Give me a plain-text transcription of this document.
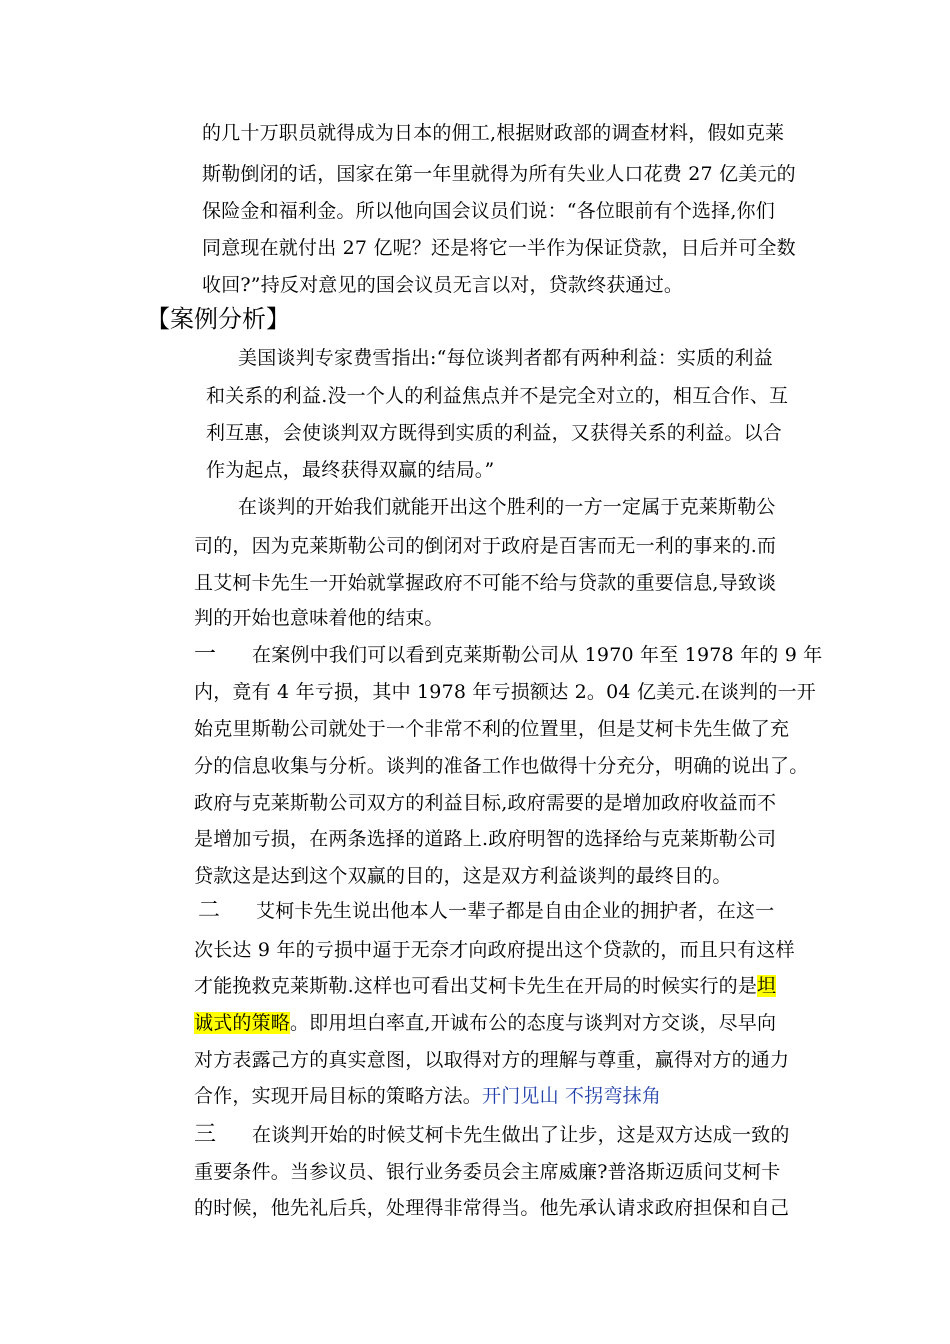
的几十万职员就得成为日本的佣工,根据财政部的调查材料，假如克莱
斯勒倒闭的话，国家在第一年里就得为所有失业人口花费 27 亿美元的
保险金和福利金。所以他向国会议员们说：“各位眼前有个选择,你们
同意现在就付出 27 亿呢？还是将它一半作为保证贷款，日后并可全数
收回?”持反对意见的国会议员无言以对，贷款终获通过。
【案例分析】
美国谈判专家费雪指出:“每位谈判者都有两种利益：实质的利益
和关系的利益.没一个人的利益焦点并不是完全对立的，相互合作、互
利互惠，会使谈判双方既得到实质的利益，又获得关系的利益。以合
作为起点，最终获得双赢的结局。”
在谈判的开始我们就能开出这个胜利的一方一定属于克莱斯勒公
司的，因为克莱斯勒公司的倒闭对于政府是百害而无一利的事来的.而
且艾柯卡先生一开始就掌握政府不可能不给与贷款的重要信息,导致谈
判的开始也意味着他的结束。
一 在案例中我们可以看到克莱斯勒公司从 1970 年至 1978 年的 9 年
内，竟有 4 年亏损，其中 1978 年亏损额达 2。04 亿美元.在谈判的一开
始克里斯勒公司就处于一个非常不利的位置里，但是艾柯卡先生做了充
分的信息收集与分析。谈判的准备工作也做得十分充分，明确的说出了。
政府与克莱斯勒公司双方的利益目标,政府需要的是增加政府收益而不
是增加亏损，在两条选择的道路上.政府明智的选择给与克莱斯勒公司
贷款这是达到这个双赢的目的，这是双方利益谈判的最终目的。
二 艾柯卡先生说出他本人一辈子都是自由企业的拥护者，在这一
次长达 9 年的亏损中逼于无奈才向政府提出这个贷款的，而且只有这样
才能挽救克莱斯勒.这样也可看出艾柯卡先生在开局的时候实行的是坦
诚式的策略。即用坦白率直,开诚布公的态度与谈判对方交谈，尽早向
对方表露己方的真实意图，以取得对方的理解与尊重，赢得对方的通力
合作，实现开局目标的策略方法。开门见山 不拐弯抹角
三 在谈判开始的时候艾柯卡先生做出了让步，这是双方达成一致的
重要条件。当参议员、银行业务委员会主席威廉?普洛斯迈质问艾柯卡
的时候，他先礼后兵，处理得非常得当。他先承认请求政府担保和自己
